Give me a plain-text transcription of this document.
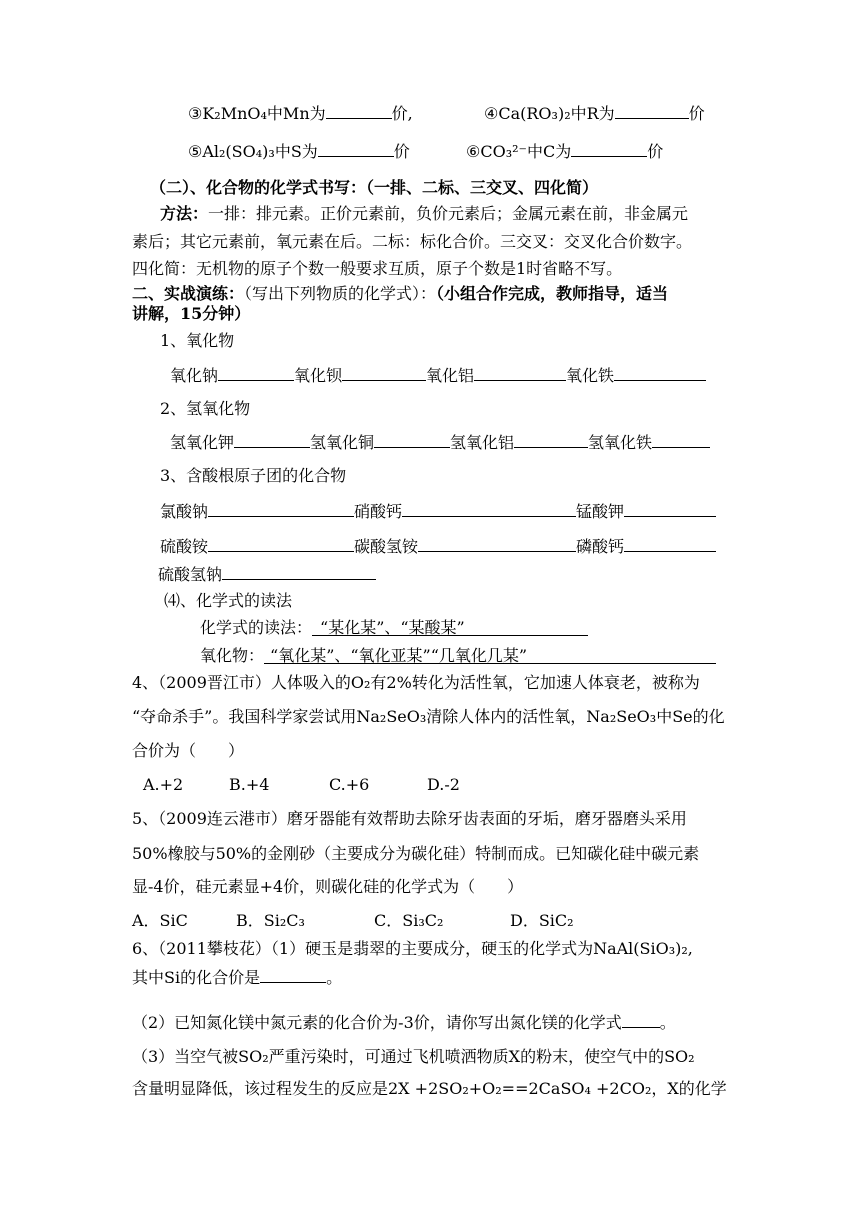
③K₂MnO₄中Mn为	价,	④Ca(RO₃)₂中R为	价
⑤Al₂(SO₄)₃中S为	价	⑥CO₃²⁻中C为	价
（二）、化合物的化学式书写：（一排、二标、三交叉、四化简）
方法：一排：排元素。正价元素前，负价元素后；金属元素在前，非金属元
素后；其它元素前，氧元素在后。二标：标化合价。三交叉：交叉化合价数字。
四化简：无机物的原子个数一般要求互质，原子个数是1时省略不写。
二、实战演练：（写出下列物质的化学式）：（小组合作完成，教师指导，适当
讲解，15分钟）
1、氧化物
氧化钠	氧化钡	氧化铝	氧化铁
2、氢氧化物
氢氧化钾	氢氧化铜	氢氧化铝	氢氧化铁
3、含酸根原子团的化合物
氯酸钠	硝酸钙	锰酸钾
硫酸铵	碳酸氢铵	磷酸钙
硫酸氢钠
⑷、化学式的读法
化学式的读法： “某化某”、“某酸某”
氧化物： “氧化某”、“氧化亚某”“几氧化几某”
4、（2009晋江市）人体吸入的O₂有2%转化为活性氧，它加速人体衰老，被称为
“夺命杀手”。我国科学家尝试用Na₂SeO₃清除人体内的活性氧，Na₂SeO₃中Se的化
合价为（　　）
A.+2	B.+4	C.+6	D.-2
5、（2009连云港市）磨牙器能有效帮助去除牙齿表面的牙垢，磨牙器磨头采用
50%橡胶与50%的金刚砂（主要成分为碳化硅）特制而成。已知碳化硅中碳元素
显-4价，硅元素显+4价，则碳化硅的化学式为（　　）
A．SiC	B．Si₂C₃	C．Si₃C₂	D．SiC₂
6、（2011攀枝花）（1）硬玉是翡翠的主要成分，硬玉的化学式为NaAl(SiO₃)₂,
其中Si的化合价是	。
（2）已知氮化镁中氮元素的化合价为-3价，请你写出氮化镁的化学式 。
（3）当空气被SO₂严重污染时，可通过飞机喷洒物质X的粉末，使空气中的SO₂
含量明显降低，该过程发生的反应是2X +2SO₂+O₂==2CaSO₄ +2CO₂，X的化学
